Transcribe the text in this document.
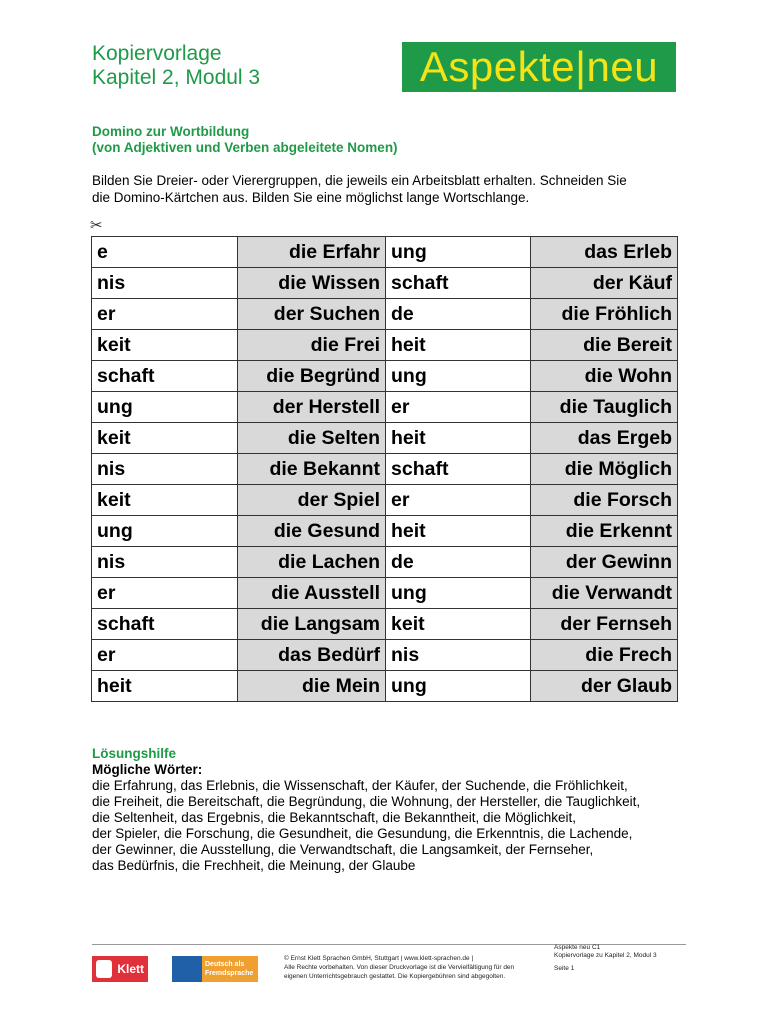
Kopiervorlage
Kapitel 2, Modul 3	Aspekte|neu
Domino zur Wortbildung
(von Adjektiven und Verben abgeleitete Nomen)
Bilden Sie Dreier- oder Vierergruppen, die jeweils ein Arbeitsblatt erhalten. Schneiden Sie
die Domino-Kärtchen aus. Bilden Sie eine möglichst lange Wortschlange.
✂
e	die Erfahr	ung	das Erleb
nis	die Wissen	schaft	der Käuf
er	der Suchen	de	die Fröhlich
keit	die Frei	heit	die Bereit
schaft	die Begründ	ung	die Wohn
ung	der Herstell	er	die Tauglich
keit	die Selten	heit	das Ergeb
nis	die Bekannt	schaft	die Möglich
keit	der Spiel	er	die Forsch
ung	die Gesund	heit	die Erkennt
nis	die Lachen	de	der Gewinn
er	die Ausstell	ung	die Verwandt
schaft	die Langsam	keit	der Fernseh
er	das Bedürf	nis	die Frech
heit	die Mein	ung	der Glaub
Lösungshilfe
Mögliche Wörter:
die Erfahrung, das Erlebnis, die Wissenschaft, der Käufer, der Suchende, die Fröhlichkeit,
die Freiheit, die Bereitschaft, die Begründung, die Wohnung, der Hersteller, die Tauglichkeit,
die Seltenheit, das Ergebnis, die Bekanntschaft, die Bekanntheit, die Möglichkeit,
der Spieler, die Forschung, die Gesundheit, die Gesundung, die Erkenntnis, die Lachende,
der Gewinner, die Ausstellung, die Verwandtschaft, die Langsamkeit, der Fernseher,
das Bedürfnis, die Frechheit, die Meinung, der Glaube
Klett	Deutsch als Fremdsprache
© Ernst Klett Sprachen GmbH, Stuttgart | www.klett-sprachen.de |
Alle Rechte vorbehalten. Von dieser Druckvorlage ist die Vervielfältigung für den
eigenen Unterrichtsgebrauch gestattet. Die Kopiergebühren sind abgegolten.
Aspekte neu C1
Kopiervorlage zu Kapitel 2, Modul 3
Seite 1
